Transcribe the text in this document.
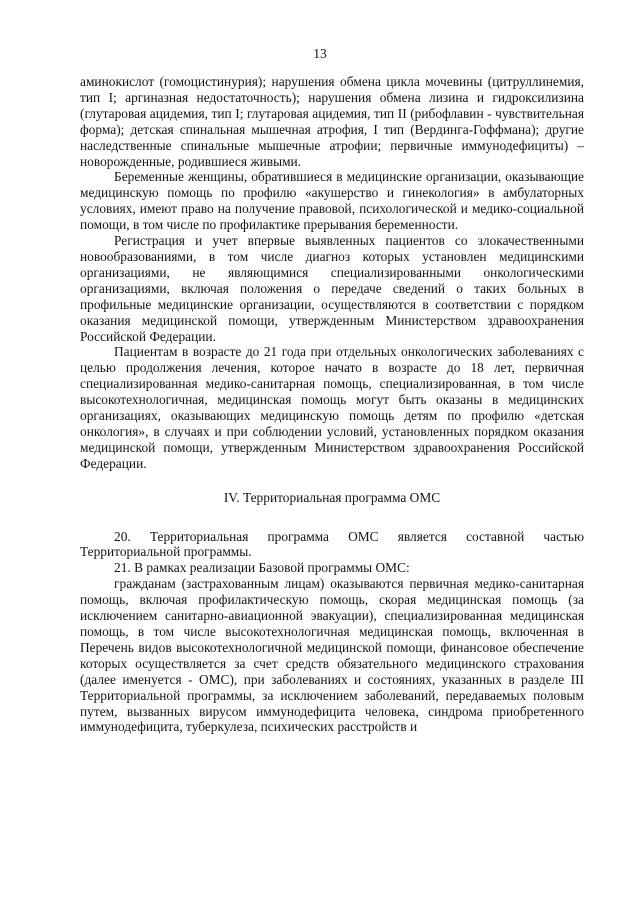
13

аминокислот (гомоцистинурия); нарушения обмена цикла мочевины (цитруллинемия, тип I; аргиназная недостаточность); нарушения обмена лизина и гидроксилизина (глутаровая ацидемия, тип I; глутаровая ацидемия, тип II (рибофлавин - чувствительная форма); детская спинальная мышечная атрофия, I тип (Вердинга-Гоффмана); другие наследственные спинальные мышечные атрофии; первичные иммунодефициты) – новорожденные, родившиеся живыми.

Беременные женщины, обратившиеся в медицинские организации, оказывающие медицинскую помощь по профилю «акушерство и гинекология» в амбулаторных условиях, имеют право на получение правовой, психологической и медико-социальной помощи, в том числе по профилактике прерывания беременности.

Регистрация и учет впервые выявленных пациентов со злокачественными новообразованиями, в том числе диагноз которых установлен медицинскими организациями, не являющимися специализированными онкологическими организациями, включая положения о передаче сведений о таких больных в профильные медицинские организации, осуществляются в соответствии с порядком оказания медицинской помощи, утвержденным Министерством здравоохранения Российской Федерации.

Пациентам в возрасте до 21 года при отдельных онкологических заболеваниях с целью продолжения лечения, которое начато в возрасте до 18 лет, первичная специализированная медико-санитарная помощь, специализированная, в том числе высокотехнологичная, медицинская помощь могут быть оказаны в медицинских организациях, оказывающих медицинскую помощь детям по профилю «детская онкология», в случаях и при соблюдении условий, установленных порядком оказания медицинской помощи, утвержденным Министерством здравоохранения Российской Федерации.

IV. Территориальная программа ОМС

20. Территориальная программа ОМС является составной частью Территориальной программы.

21. В рамках реализации Базовой программы ОМС:

гражданам (застрахованным лицам) оказываются первичная медико-санитарная помощь, включая профилактическую помощь, скорая медицинская помощь (за исключением санитарно-авиационной эвакуации), специализированная медицинская помощь, в том числе высокотехнологичная медицинская помощь, включенная в Перечень видов высокотехнологичной медицинской помощи, финансовое обеспечение которых осуществляется за счет средств обязательного медицинского страхования (далее именуется - ОМС), при заболеваниях и состояниях, указанных в разделе III Территориальной программы, за исключением заболеваний, передаваемых половым путем, вызванных вирусом иммунодефицита человека, синдрома приобретенного иммунодефицита, туберкулеза, психических расстройств и
